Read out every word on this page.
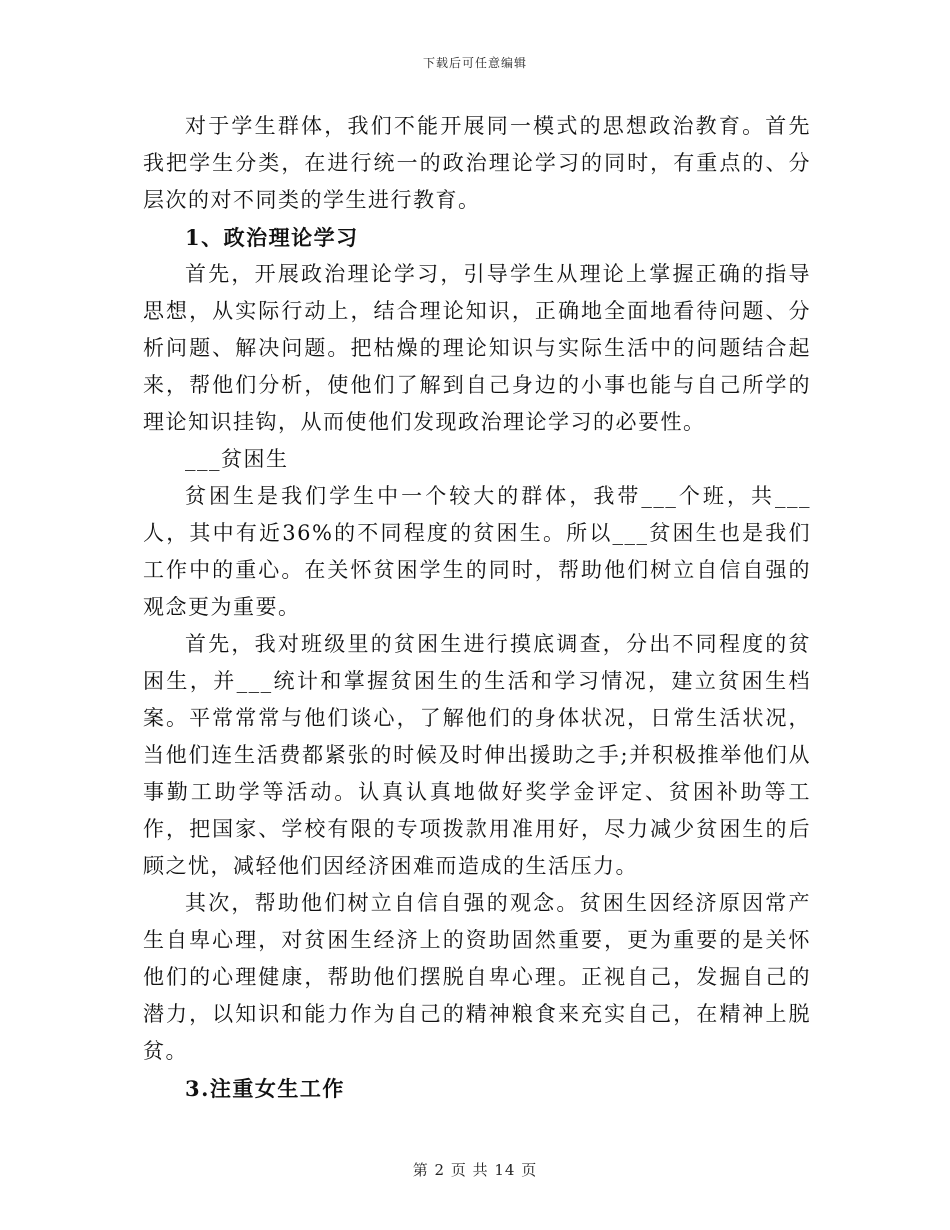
下载后可任意编辑

对于学生群体，我们不能开展同一模式的思想政治教育。首先我把学生分类，在进行统一的政治理论学习的同时，有重点的、分层次的对不同类的学生进行教育。

1、政治理论学习

首先，开展政治理论学习，引导学生从理论上掌握正确的指导思想，从实际行动上，结合理论知识，正确地全面地看待问题、分析问题、解决问题。把枯燥的理论知识与实际生活中的问题结合起来，帮他们分析，使他们了解到自己身边的小事也能与自己所学的理论知识挂钩，从而使他们发现政治理论学习的必要性。

___贫困生

贫困生是我们学生中一个较大的群体，我带___个班，共___人，其中有近36%的不同程度的贫困生。所以___贫困生也是我们工作中的重心。在关怀贫困学生的同时，帮助他们树立自信自强的观念更为重要。

首先，我对班级里的贫困生进行摸底调查，分出不同程度的贫困生，并___统计和掌握贫困生的生活和学习情况，建立贫困生档案。平常常常与他们谈心，了解他们的身体状况，日常生活状况，当他们连生活费都紧张的时候及时伸出援助之手;并积极推举他们从事勤工助学等活动。认真认真地做好奖学金评定、贫困补助等工作，把国家、学校有限的专项拨款用准用好，尽力减少贫困生的后顾之忧，减轻他们因经济困难而造成的生活压力。

其次，帮助他们树立自信自强的观念。贫困生因经济原因常产生自卑心理，对贫困生经济上的资助固然重要，更为重要的是关怀他们的心理健康，帮助他们摆脱自卑心理。正视自己，发掘自己的潜力，以知识和能力作为自己的精神粮食来充实自己，在精神上脱贫。

3.注重女生工作

第 2 页 共 14 页
